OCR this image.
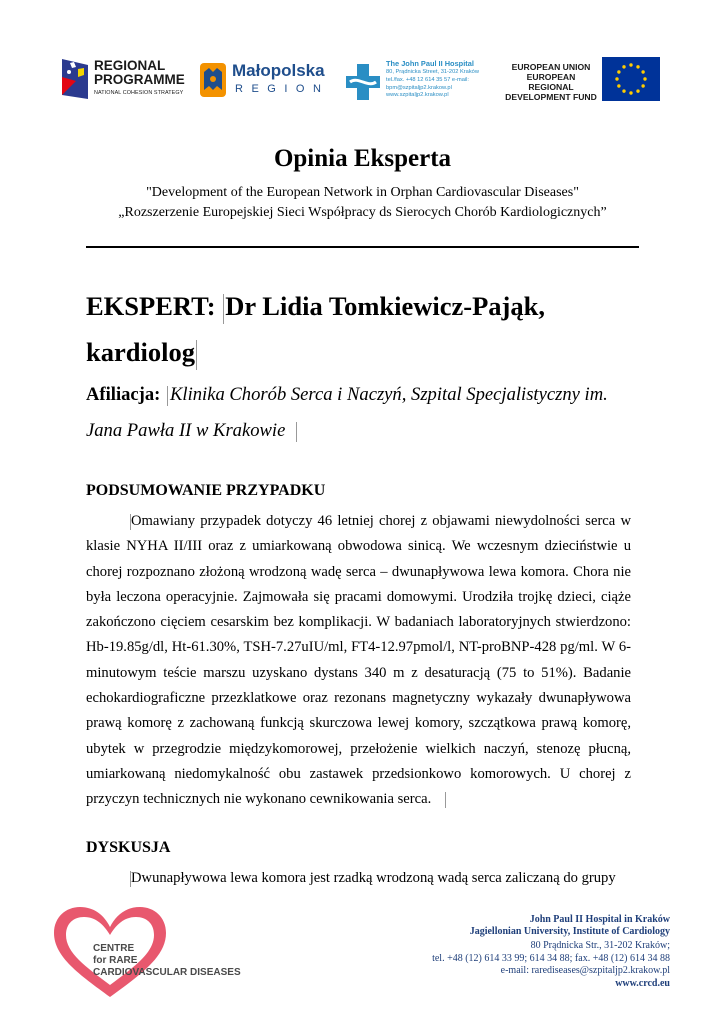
REGIONAL
PROGRAMME
NATIONAL COHESION STRATEGY
Małopolska
REGION
The John Paul II Hospital
80, Prądnicka Street, 31-202 Kraków
tel./fax. +48 12 614 35 57 e-mail:
bpm@szpitaljp2.krakow.pl
www.szpitaljp2.krakow.pl
EUROPEAN UNION
EUROPEAN REGIONAL
DEVELOPMENT FUND
Opinia Eksperta
"Development of the European Network in Orphan Cardiovascular Diseases"
„Rozszerzenie Europejskiej Sieci Współpracy ds Sierocych Chorób Kardiologicznych”
EKSPERT: Dr Lidia Tomkiewicz-Pająk,
kardiolog
Afiliacja: Klinika Chorób Serca i Naczyń, Szpital Specjalistyczny im.
Jana Pawła II w Krakowie
PODSUMOWANIE PRZYPADKU
Omawiany przypadek dotyczy 46 letniej chorej z objawami niewydolności serca w klasie NYHA II/III oraz z umiarkowaną obwodowa sinicą. We wczesnym dzieciństwie u chorej rozpoznano złożoną wrodzoną wadę serca – dwunapływowa lewa komora. Chora nie była leczona operacyjnie. Zajmowała się pracami domowymi. Urodziła trojkę dzieci, ciąże zakończono cięciem cesarskim bez komplikacji. W badaniach laboratoryjnych stwierdzono: Hb-19.85g/dl, Ht-61.30%, TSH-7.27uIU/ml, FT4-12.97pmol/l, NT-proBNP-428 pg/ml. W 6-minutowym teście marszu uzyskano dystans 340 m z desaturacją (75 to 51%). Badanie echokardiograficzne przezklatkowe oraz rezonans magnetyczny wykazały dwunapływowa prawą komorę z zachowaną funkcją skurczowa lewej komory, szczątkowa prawą komorę, ubytek w przegrodzie międzykomorowej, przełożenie wielkich naczyń, stenozę płucną, umiarkowaną niedomykalność obu zastawek przedsionkowo komorowych. U chorej z przyczyn technicznych nie wykonano cewnikowania serca.
DYSKUSJA
Dwunapływowa lewa komora jest rzadką wrodzoną wadą serca zaliczaną do grupy
CENTRE
for RARE
CARDIOVASCULAR DISEASES
John Paul II Hospital in Kraków
Jagiellonian University, Institute of Cardiology
80 Prądnicka Str., 31-202 Kraków;
tel. +48 (12) 614 33 99; 614 34 88; fax. +48 (12) 614 34 88
e-mail: rarediseases@szpitaljp2.krakow.pl
www.crcd.eu
